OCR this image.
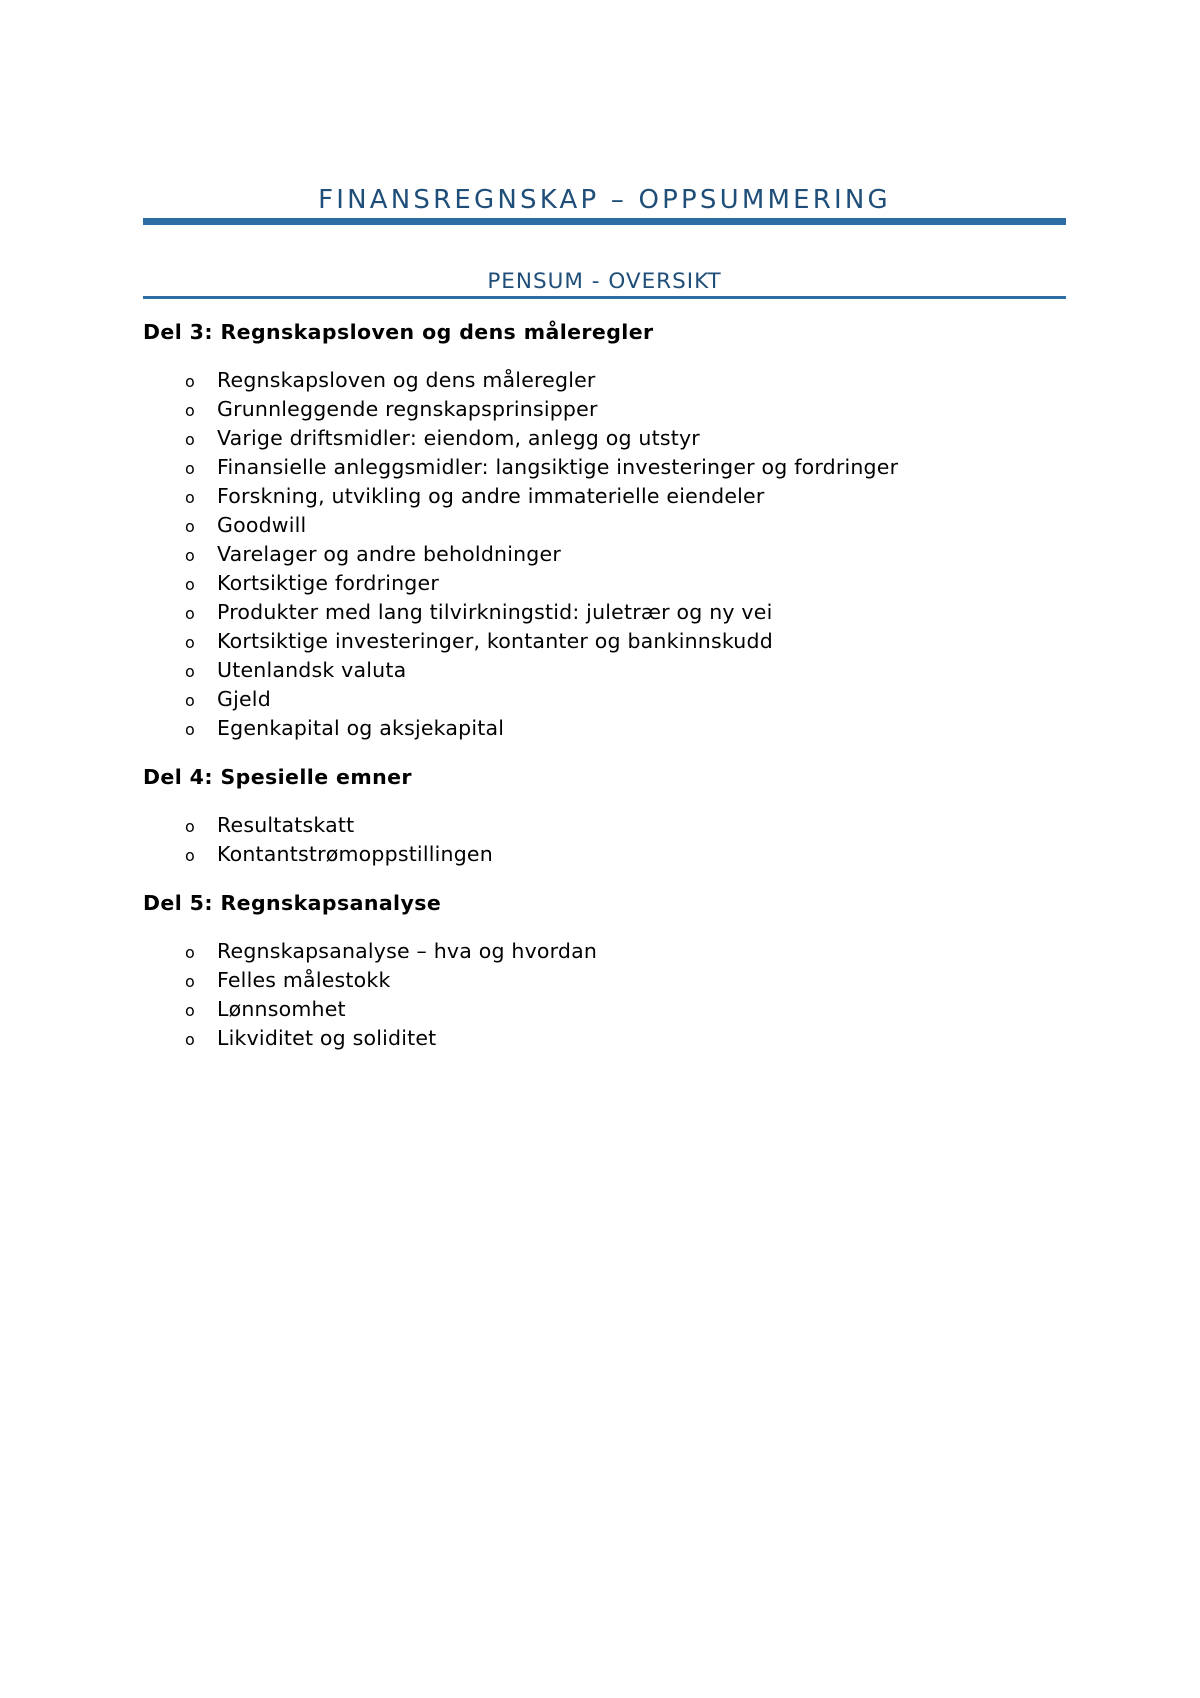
FINANSREGNSKAP – OPPSUMMERING
PENSUM - OVERSIKT
Del 3: Regnskapsloven og dens måleregler
o Regnskapsloven og dens måleregler
o Grunnleggende regnskapsprinsipper
o Varige driftsmidler: eiendom, anlegg og utstyr
o Finansielle anleggsmidler: langsiktige investeringer og fordringer
o Forskning, utvikling og andre immaterielle eiendeler
o Goodwill
o Varelager og andre beholdninger
o Kortsiktige fordringer
o Produkter med lang tilvirkningstid: juletrær og ny vei
o Kortsiktige investeringer, kontanter og bankinnskudd
o Utenlandsk valuta
o Gjeld
o Egenkapital og aksjekapital
Del 4: Spesielle emner
o Resultatskatt
o Kontantstrømoppstillingen
Del 5: Regnskapsanalyse
o Regnskapsanalyse – hva og hvordan
o Felles målestokk
o Lønnsomhet
o Likviditet og soliditet
